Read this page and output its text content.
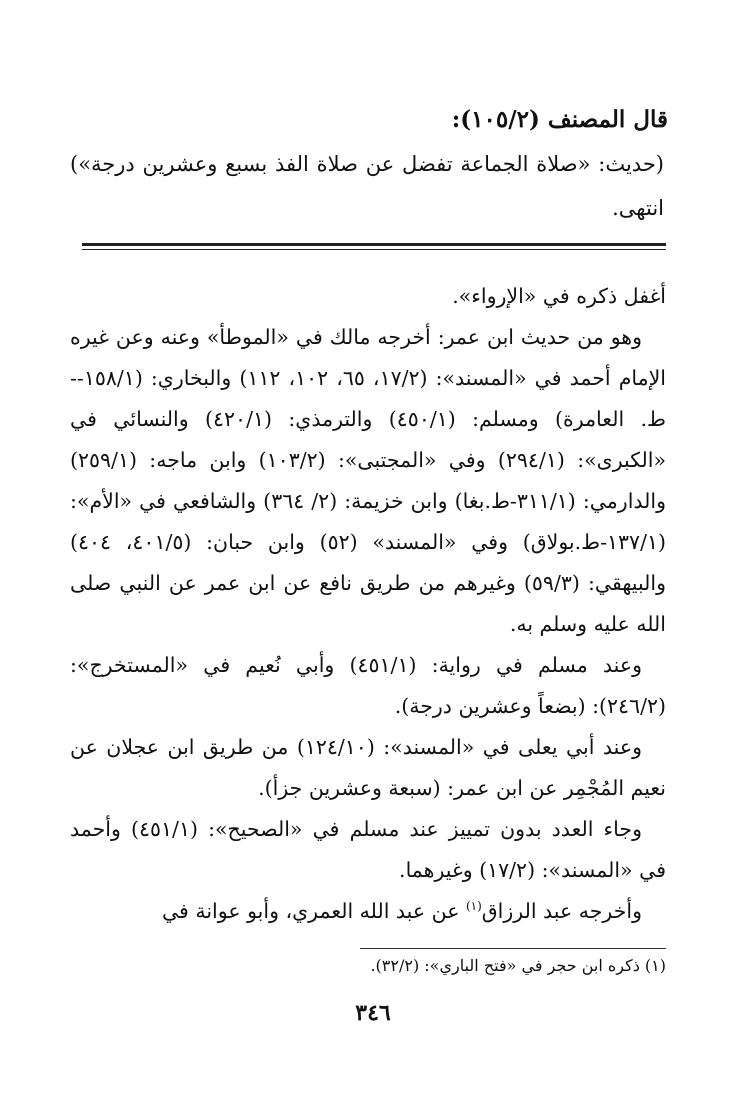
قال المصنف (١٠٥/٢):
(حديث: «صلاة الجماعة تفضل عن صلاة الفذ بسبع وعشرين درجة») انتهى.

أغفل ذكره في «الإرواء».

وهو من حديث ابن عمر: أخرجه مالك في «الموطأ» وعنه وعن غيره الإمام أحمد في «المسند»: (١٧/٢، ٦٥، ١٠٢، ١١٢) والبخاري: (١٥٨/١--ط. العامرة) ومسلم: (٤٥٠/١) والترمذي: (٤٢٠/١) والنسائي في «الكبرى»: (٢٩٤/١) وفي «المجتبى»: (١٠٣/٢) وابن ماجه: (٢٥٩/١) والدارمي: (٣١١/١-ط.بغا) وابن خزيمة: (٢/ ٣٦٤) والشافعي في «الأم»: (١٣٧/١-ط.بولاق) وفي «المسند» (٥٢) وابن حبان: (٤٠١/٥، ٤٠٤) والبيهقي: (٥٩/٣) وغيرهم من طريق نافع عن ابن عمر عن النبي صلى الله عليه وسلم به.

وعند مسلم في رواية: (٤٥١/١) وأبي نُعيم في «المستخرج»: (٢٤٦/٢): (بضعاً وعشرين درجة).

وعند أبي يعلى في «المسند»: (١٢٤/١٠) من طريق ابن عجلان عن نعيم المُجْمِر عن ابن عمر: (سبعة وعشرين جزأ).

وجاء العدد بدون تمييز عند مسلم في «الصحيح»: (٤٥١/١) وأحمد في «المسند»: (١٧/٢) وغيرهما.

وأخرجه عبد الرزاق$^{(١)}$ عن عبد الله العمري، وأبو عوانة في

(١) ذكره ابن حجر في «فتح الباري»: (٣٢/٢).
٣٤٦
